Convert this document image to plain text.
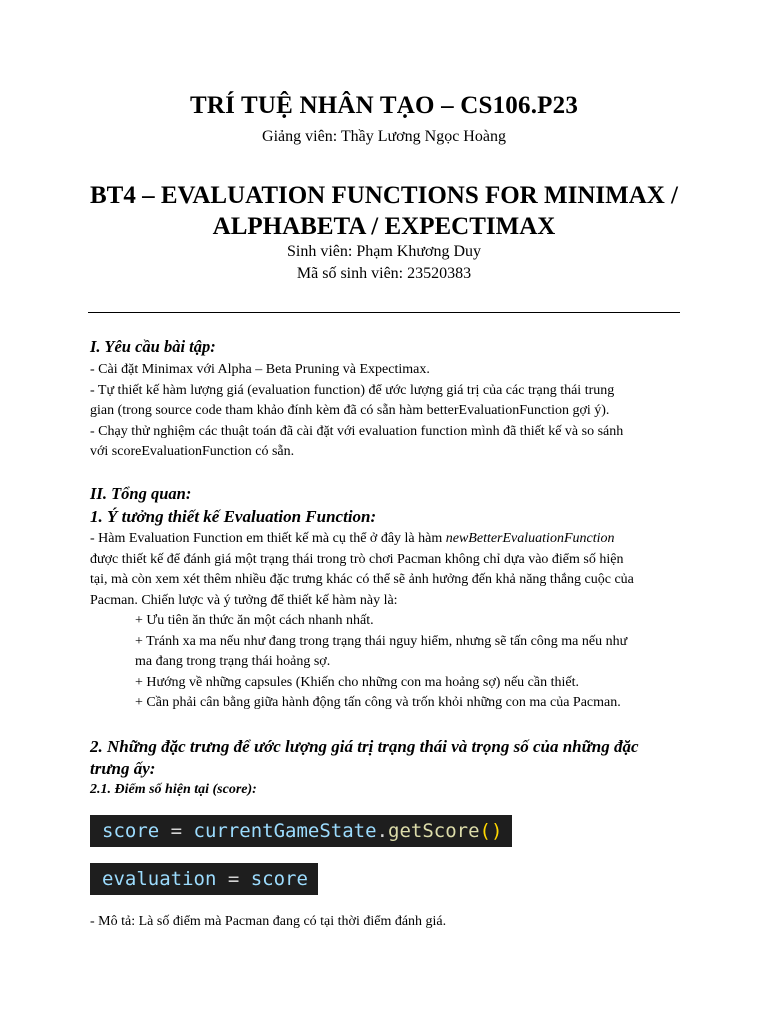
TRÍ TUỆ NHÂN TẠO – CS106.P23
Giảng viên: Thầy Lương Ngọc Hoàng
BT4 – EVALUATION FUNCTIONS FOR MINIMAX / ALPHABETA / EXPECTIMAX
Sinh viên: Phạm Khương Duy
Mã số sinh viên: 23520383
I. Yêu cầu bài tập:
- Cài đặt Minimax với Alpha – Beta Pruning và Expectimax.
- Tự thiết kế hàm lượng giá (evaluation function) để ước lượng giá trị của các trạng thái trung
gian (trong source code tham khảo đính kèm đã có sẵn hàm betterEvaluationFunction gợi ý).
- Chạy thử nghiệm các thuật toán đã cài đặt với evaluation function mình đã thiết kế và so sánh
với scoreEvaluationFunction có sẵn.
II. Tổng quan:
1. Ý tưởng thiết kế Evaluation Function:
- Hàm Evaluation Function em thiết kế mà cụ thể ở đây là hàm newBetterEvaluationFunction
được thiết kế để đánh giá một trạng thái trong trò chơi Pacman không chỉ dựa vào điểm số hiện
tại, mà còn xem xét thêm nhiều đặc trưng khác có thể sẽ ảnh hưởng đến khả năng thắng cuộc của
Pacman. Chiến lược và ý tưởng để thiết kế hàm này là:
+ Ưu tiên ăn thức ăn một cách nhanh nhất.
+ Tránh xa ma nếu như đang trong trạng thái nguy hiểm, nhưng sẽ tấn công ma nếu như
ma đang trong trạng thái hoảng sợ.
+ Hướng về những capsules (Khiến cho những con ma hoảng sợ) nếu cần thiết.
+ Cần phải cân bằng giữa hành động tấn công và trốn khỏi những con ma của Pacman.
2. Những đặc trưng để ước lượng giá trị trạng thái và trọng số của những đặc
trưng ấy:
2.1. Điểm số hiện tại (score):
score = currentGameState.getScore()
evaluation = score
- Mô tả: Là số điểm mà Pacman đang có tại thời điểm đánh giá.
